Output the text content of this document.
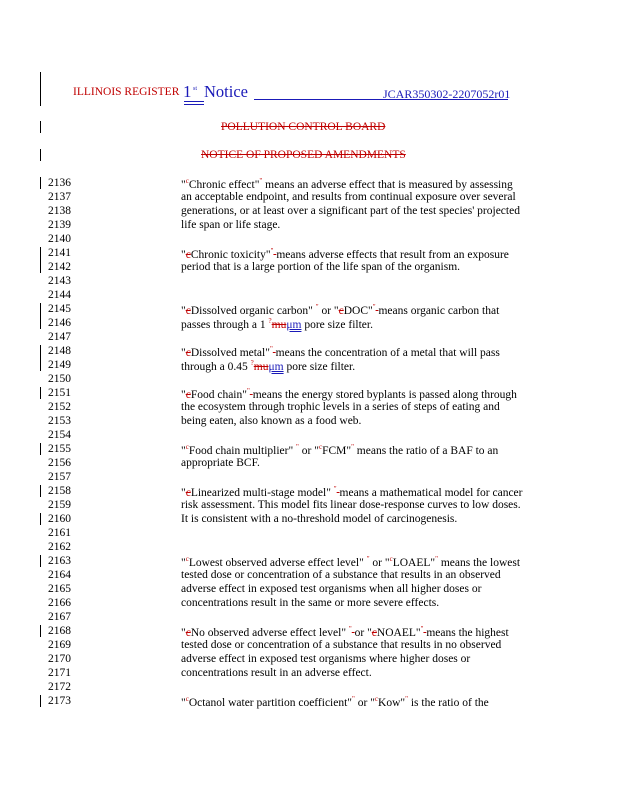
ILLINOIS REGISTER 1 st Notice	JCAR350302-2207052r01
POLLUTION CONTROL BOARD
NOTICE OF PROPOSED AMENDMENTS
2136
2137
2138
2139
2140
2141
2142
2143
2144
2145
2146
2147
2148
2149
2150
2151
2152
2153
2154
2155
2156
2157
2158
2159
2160
2161
2162
2163
2164
2165
2166
2167
2168
2169
2170
2171
2172
2173
"$^c$Chronic effect"" means an adverse effect that is measured by assessing
an acceptable endpoint, and results from continual exposure over several
generations, or at least over a significant part of the test species' projected
life span or life stage.
"cChronic toxicity"" means adverse effects that result from an exposure
period that is a large portion of the life span of the organism.
"cDissolved organic carbon" " or "cDOC"" means organic carbon that
passes through a 1 ?muμm pore size filter.
"cDissolved metal"" means the concentration of a metal that will pass
through a 0.45 ?muμm pore size filter.
"cFood chain"" means the energy stored byplants is passed along through
the ecosystem through trophic levels in a series of steps of eating and
being eaten, also known as a food web.
"$^c$Food chain multiplier" " or "$^c$FCM"" means the ratio of a BAF to an
appropriate BCF.
"cLinearized multi-stage model" " means a mathematical model for cancer
risk assessment. This model fits linear dose-response curves to low doses.
It is consistent with a no-threshold model of carcinogenesis.
"$^c$Lowest observed adverse effect level" " or "$^c$LOAEL"" means the lowest
tested dose or concentration of a substance that results in an observed
adverse effect in exposed test organisms when all higher doses or
concentrations result in the same or more severe effects.
"cNo observed adverse effect level" " or "cNOAEL"" means the highest
tested dose or concentration of a substance that results in no observed
adverse effect in exposed test organisms where higher doses or
concentrations result in an adverse effect.
"$^c$Octanol water partition coefficient"" or "$^c$Kow"" is the ratio of the
